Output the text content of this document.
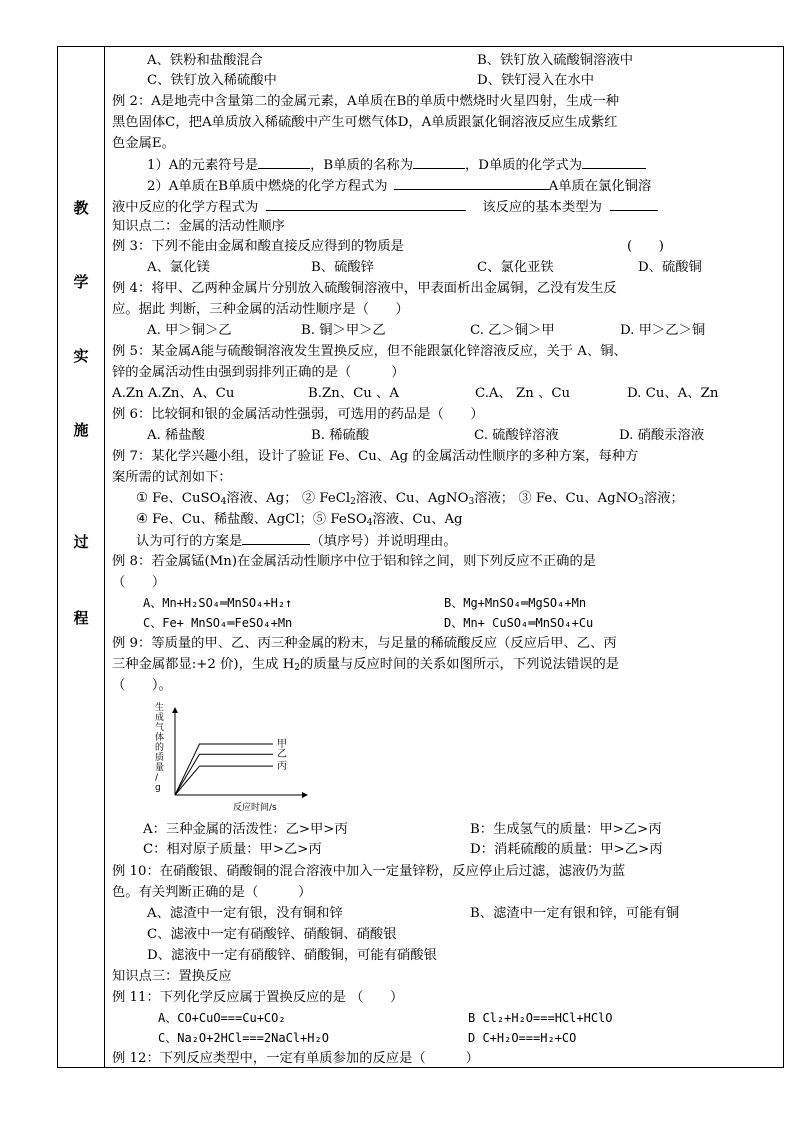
教
学
实
施
过
程
A、铁粉和盐酸混合	B、铁钉放入硫酸铜溶液中
C、铁钉放入稀硫酸中	D、铁钉浸入在水中
例 2：A是地壳中含量第二的金属元素，A单质在B的单质中燃烧时火星四射，生成一种
黑色固体C，把A单质放入稀硫酸中产生可燃气体D，A单质跟氯化铜溶液反应生成紫红
色金属E。
1）A的元素符号是	，B单质的名称为	，D单质的化学式为
2）A单质在B单质中燃烧的化学方程式为	A单质在氯化铜溶
液中反应的化学方程式为	该反应的基本类型为
知识点二：金属的活动性顺序
例 3：下列不能由金属和酸直接反应得到的物质是	(　　)
A、氯化镁	B、硫酸锌	C、氯化亚铁	D、硫酸铜
例 4：将甲、乙两种金属片分别放入硫酸铜溶液中，甲表面析出金属铜，乙没有发生反
应。据此 判断，三种金属的活动性顺序是（　　）
A. 甲＞铜＞乙	B. 铜＞甲＞乙	C. 乙＞铜＞甲	D. 甲＞乙＞铜
例 5：某金属A能与硫酸铜溶液发生置换反应，但不能跟氯化锌溶液反应，关于 A、铜、
锌的金属活动性由强到弱排列正确的是（　　　）
A.Zn A.Zn、A、Cu	B.Zn、Cu 、A	C.A、 Zn 、Cu	D. Cu、A、Zn
例 6：比较铜和银的金属活动性强弱，可选用的药品是（　　）
A. 稀盐酸	B. 稀硫酸	C. 硫酸锌溶液	D. 硝酸汞溶液
例 7：某化学兴趣小组，设计了验证 Fe、Cu、Ag 的金属活动性顺序的多种方案，每种方
案所需的试剂如下：
① Fe、CuSO4溶液、Ag； ② FeCl2溶液、Cu、AgNO3溶液； ③ Fe、Cu、AgNO3溶液；
④ Fe、Cu、稀盐酸、AgCl；⑤ FeSO4溶液、Cu、Ag
认为可行的方案是	（填序号）并说明理由。
例 8：若金属锰(Mn)在金属活动性顺序中位于铝和锌之间，则下列反应不正确的是
（　　）
A、Mn+H₂SO₄═MnSO₄+H₂↑	B、Mg+MnSO₄═MgSO₄+Mn
C、Fe+ MnSO₄═FeSO₄+Mn	D、Mn+ CuSO₄═MnSO₄+Cu
例 9：等质量的甲、乙、丙三种金属的粉末，与足量的稀硫酸反应（反应后甲、乙、丙
三种金属都显:+2 价)，生成 H2的质量与反应时间的关系如图所示，下列说法错误的是
（　　）。
生
成
气
体
的
质
量
/
g
甲
乙
丙
反应时间/s
A：三种金属的活泼性：乙>甲>丙	B：生成氢气的质量：甲>乙>丙
C：相对原子质量：甲>乙>丙	D：消耗硫酸的质量：甲>乙>丙
例 10：在硝酸银、硝酸铜的混合溶液中加入一定量锌粉，反应停止后过滤，滤液仍为蓝
色。有关判断正确的是（　　　）
A、滤渣中一定有银，没有铜和锌	B、滤渣中一定有银和锌，可能有铜
C、滤液中一定有硝酸锌、硝酸铜、硝酸银
D、滤液中一定有硝酸锌、硝酸铜，可能有硝酸银
知识点三：置换反应
例 11：下列化学反应属于置换反应的是 （　　）
A、CO+CuO===Cu+CO₂	B Cl₂+H₂O===HCl+HClO
C、Na₂O+2HCl===2NaCl+H₂O	D C+H₂O===H₂+CO
例 12：下列反应类型中，一定有单质参加的反应是（　　　）
